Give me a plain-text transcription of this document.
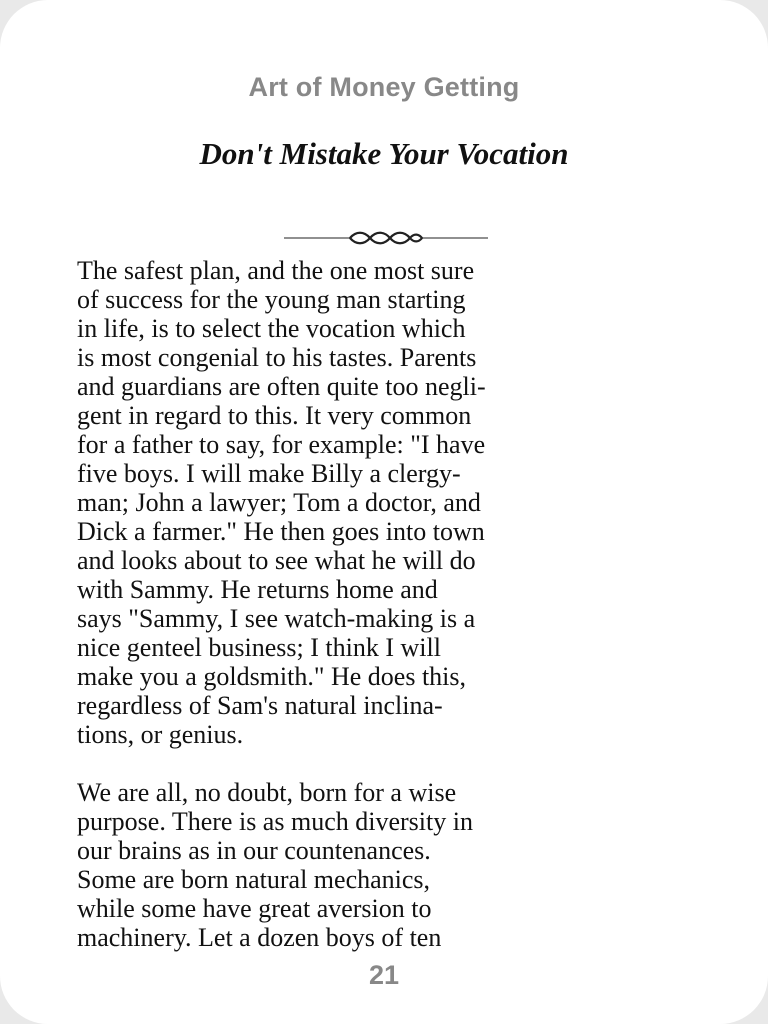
Art of Money Getting
Don't Mistake Your Vocation

The safest plan, and the one most sure
of success for the young man starting
in life, is to select the vocation which
is most congenial to his tastes. Parents
and guardians are often quite too negli-
gent in regard to this. It very common
for a father to say, for example: "I have
five boys. I will make Billy a clergy-
man; John a lawyer; Tom a doctor, and
Dick a farmer." He then goes into town
and looks about to see what he will do
with Sammy. He returns home and
says "Sammy, I see watch-making is a
nice genteel business; I think I will
make you a goldsmith." He does this,
regardless of Sam's natural inclina-
tions, or genius.

We are all, no doubt, born for a wise
purpose. There is as much diversity in
our brains as in our countenances.
Some are born natural mechanics,
while some have great aversion to
machinery. Let a dozen boys of ten

21
